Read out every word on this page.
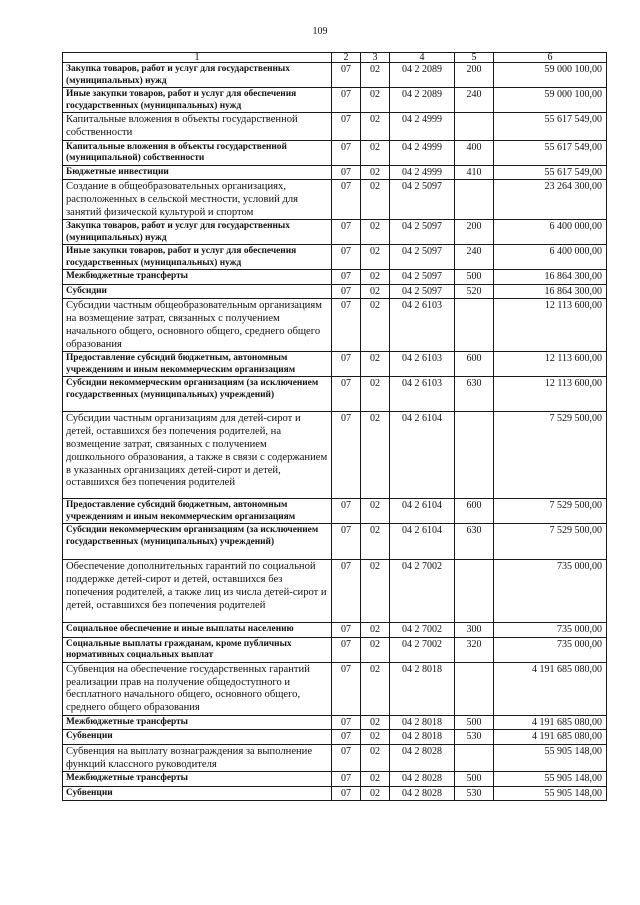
109
1	2	3	4	5	6
Закупка товаров, работ и услуг для государственных (муниципальных) нужд	07	02	04 2 2089	200	59 000 100,00
Иные закупки товаров, работ и услуг для обеспечения государственных (муниципальных) нужд	07	02	04 2 2089	240	59 000 100,00
Капитальные вложения в объекты государственной собственности	07	02	04 2 4999		55 617 549,00
Капитальные вложения в объекты государственной (муниципальной) собственности	07	02	04 2 4999	400	55 617 549,00
Бюджетные инвестиции	07	02	04 2 4999	410	55 617 549,00
Создание в общеобразовательных организациях, расположенных в сельской местности, условий для занятий физической культурой и спортом	07	02	04 2 5097		23 264 300,00
Закупка товаров, работ и услуг для государственных (муниципальных) нужд	07	02	04 2 5097	200	6 400 000,00
Иные закупки товаров, работ и услуг для обеспечения государственных (муниципальных) нужд	07	02	04 2 5097	240	6 400 000,00
Межбюджетные трансферты	07	02	04 2 5097	500	16 864 300,00
Субсидии	07	02	04 2 5097	520	16 864 300,00
Субсидии частным общеобразовательным организациям на возмещение затрат, связанных с получением начального общего, основного общего, среднего общего образования	07	02	04 2 6103		12 113 600,00
Предоставление субсидий бюджетным, автономным учреждениям и иным некоммерческим организациям	07	02	04 2 6103	600	12 113 600,00
Субсидии некоммерческим организациям (за исключением государственных (муниципальных) учреждений)	07	02	04 2 6103	630	12 113 600,00
Субсидии частным организациям для детей-сирот и детей, оставшихся без попечения родителей, на возмещение затрат, связанных с получением дошкольного образования, а также в связи с содержанием в указанных организациях детей-сирот и детей, оставшихся без попечения родителей	07	02	04 2 6104		7 529 500,00
Предоставление субсидий бюджетным, автономным учреждениям и иным некоммерческим организациям	07	02	04 2 6104	600	7 529 500,00
Субсидии некоммерческим организациям (за исключением государственных (муниципальных) учреждений)	07	02	04 2 6104	630	7 529 500,00
Обеспечение дополнительных гарантий по социальной поддержке детей-сирот и детей, оставшихся без попечения родителей, а также лиц из числа детей-сирот и детей, оставшихся без попечения родителей	07	02	04 2 7002		735 000,00
Социальное обеспечение и иные выплаты населению	07	02	04 2 7002	300	735 000,00
Социальные выплаты гражданам, кроме публичных нормативных социальных выплат	07	02	04 2 7002	320	735 000,00
Субвенция на обеспечение государственных гарантий реализации прав на получение общедоступного и бесплатного начального общего, основного общего, среднего общего образования	07	02	04 2 8018		4 191 685 080,00
Межбюджетные трансферты	07	02	04 2 8018	500	4 191 685 080,00
Субвенции	07	02	04 2 8018	530	4 191 685 080,00
Субвенция на выплату вознаграждения за выполнение функций классного руководителя	07	02	04 2 8028		55 905 148,00
Межбюджетные трансферты	07	02	04 2 8028	500	55 905 148,00
Субвенции	07	02	04 2 8028	530	55 905 148,00
